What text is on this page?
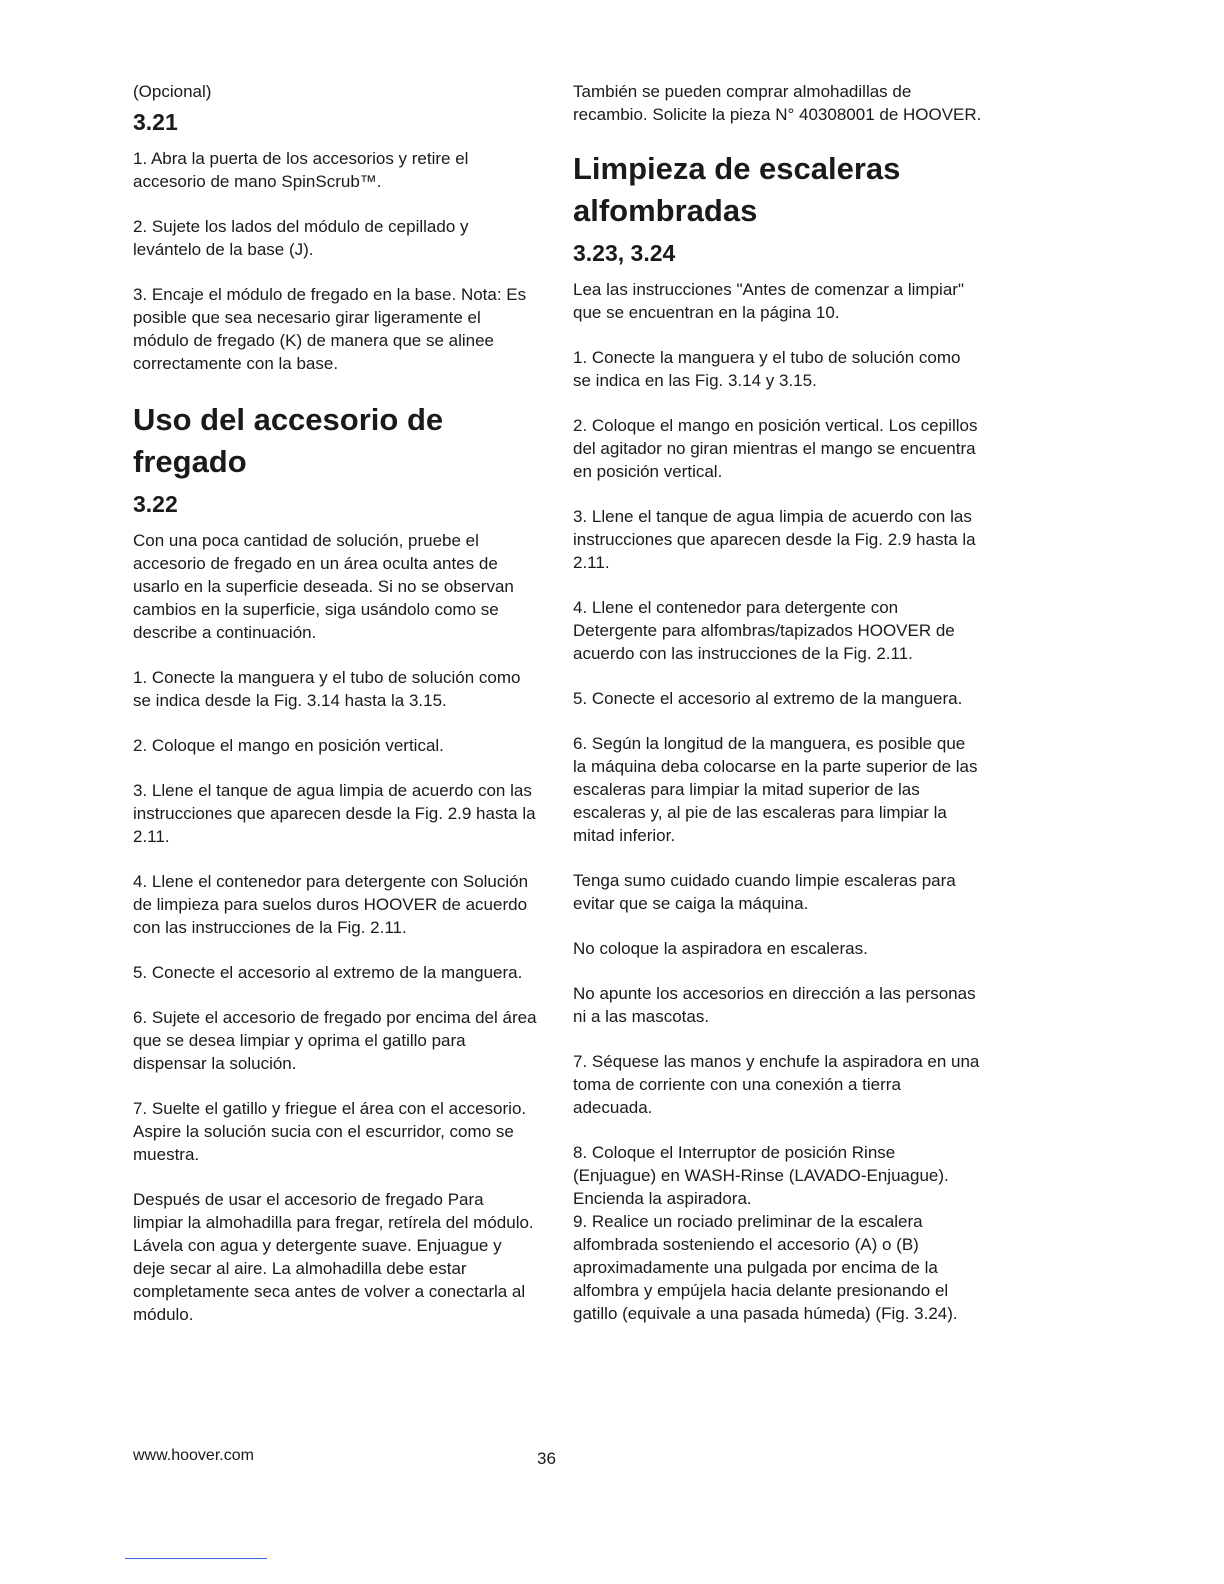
(Opcional)

3.21

1. Abra la puerta de los accesorios y retire el accesorio de mano SpinScrub™.

2. Sujete los lados del módulo de cepillado y levántelo de la base (J).

3. Encaje el módulo de fregado en la base. Nota: Es posible que sea necesario girar ligeramente el módulo de fregado (K) de manera que se alinee correctamente con la base.

Uso del accesorio de fregado
3.22

Con una poca cantidad de solución, pruebe el accesorio de fregado en un área oculta antes de usarlo en la superficie deseada. Si no se observan cambios en la superficie, siga usándolo como se describe a continuación.

1. Conecte la manguera y el tubo de solución como se indica desde la Fig. 3.14 hasta la 3.15.

2. Coloque el mango en posición vertical.

3. Llene el tanque de agua limpia de acuerdo con las instrucciones que aparecen desde la Fig. 2.9 hasta la 2.11.

4. Llene el contenedor para detergente con Solución de limpieza para suelos duros HOOVER de acuerdo con las instrucciones de la Fig. 2.11.

5. Conecte el accesorio al extremo de la manguera.

6. Sujete el accesorio de fregado por encima del área que se desea limpiar y oprima el gatillo para dispensar la solución.

7. Suelte el gatillo y friegue el área con el accesorio. Aspire la solución sucia con el escurridor, como se muestra.

Después de usar el accesorio de fregado Para limpiar la almohadilla para fregar, retírela del módulo. Lávela con agua y detergente suave. Enjuague y deje secar al aire. La almohadilla debe estar completamente seca antes de volver a conectarla al módulo.

También se pueden comprar almohadillas de recambio. Solicite la pieza N° 40308001 de HOOVER.

Limpieza de escaleras alfombradas
3.23, 3.24

Lea las instrucciones "Antes de comenzar a limpiar" que se encuentran en la página 10.

1. Conecte la manguera y el tubo de solución como se indica en las Fig. 3.14 y 3.15.

2. Coloque el mango en posición vertical. Los cepillos del agitador no giran mientras el mango se encuentra en posición vertical.

3. Llene el tanque de agua limpia de acuerdo con las instrucciones que aparecen desde la Fig. 2.9 hasta la 2.11.

4. Llene el contenedor para detergente con Detergente para alfombras/tapizados HOOVER de acuerdo con las instrucciones de la Fig. 2.11.

5. Conecte el accesorio al extremo de la manguera.

6. Según la longitud de la manguera, es posible que la máquina deba colocarse en la parte superior de las escaleras para limpiar la mitad superior de las escaleras y, al pie de las escaleras para limpiar la mitad inferior.

Tenga sumo cuidado cuando limpie escaleras para evitar que se caiga la máquina.

No coloque la aspiradora en escaleras.

No apunte los accesorios en dirección a las personas ni a las mascotas.

7. Séquese las manos y enchufe la aspiradora en una toma de corriente con una conexión a tierra adecuada.

8. Coloque el Interruptor de posición Rinse (Enjuague) en WASH-Rinse (LAVADO-Enjuague). Encienda la aspiradora.

9. Realice un rociado preliminar de la escalera alfombrada sosteniendo el accesorio (A) o (B) aproximadamente una pulgada por encima de la alfombra y empújela hacia delante presionando el gatillo (equivale a una pasada húmeda) (Fig. 3.24).

www.hoover.com	36
